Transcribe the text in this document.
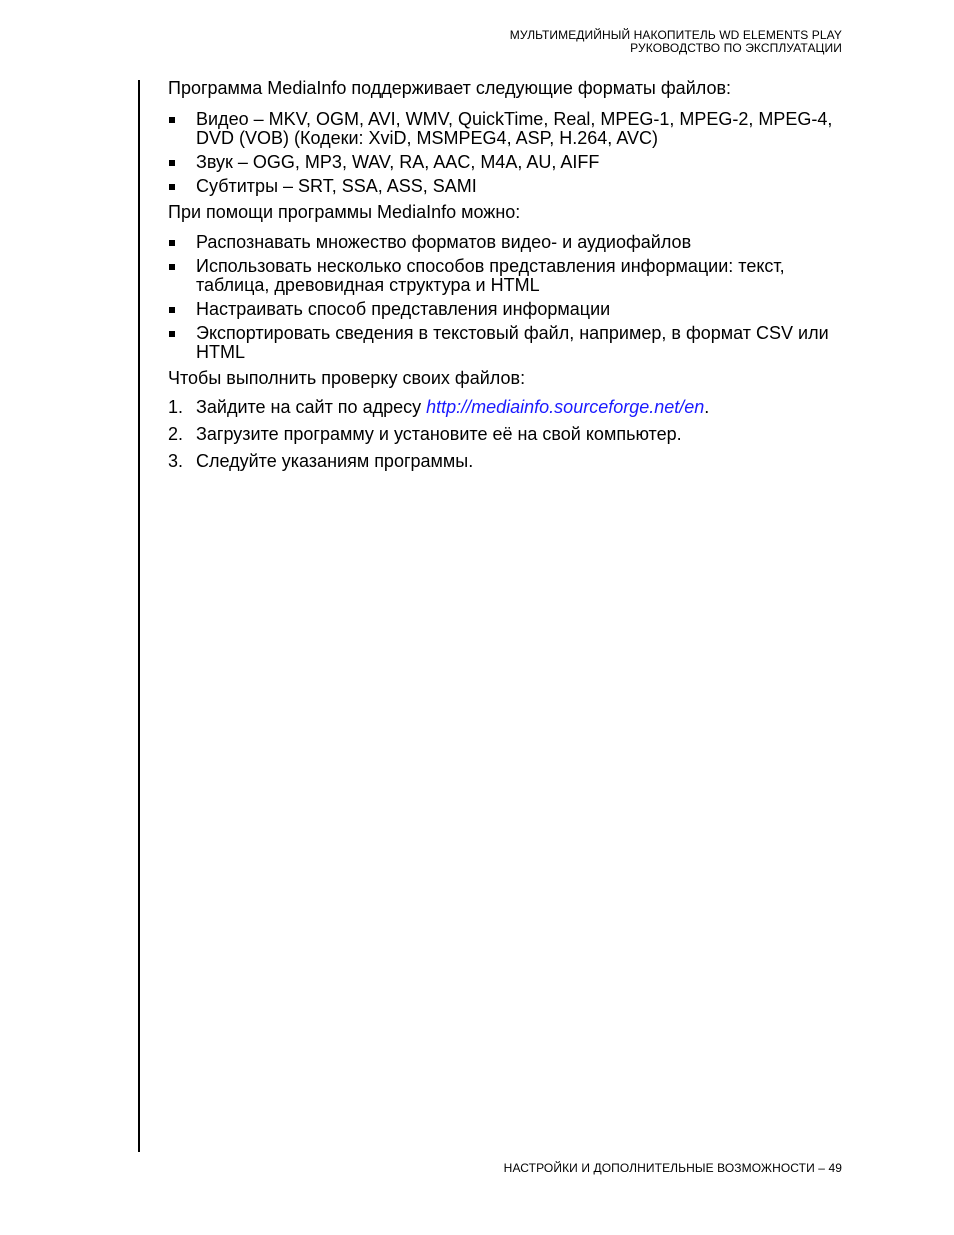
МУЛЬТИМЕДИЙНЫЙ НАКОПИТЕЛЬ WD ELEMENTS PLAY
РУКОВОДСТВО ПО ЭКСПЛУАТАЦИИ

Программа MediaInfo поддерживает следующие форматы файлов:

Видео – MKV, OGM, AVI, WMV, QuickTime, Real, MPEG-1, MPEG-2, MPEG-4, DVD (VOB) (Кодеки: XviD, MSMPEG4, ASP, H.264, AVC)
Звук – OGG, MP3, WAV, RA, AAC, M4A, AU, AIFF
Субтитры – SRT, SSA, ASS, SAMI

При помощи программы MediaInfo можно:

Распознавать множество форматов видео- и аудиофайлов
Использовать несколько способов представления информации: текст, таблица, древовидная структура и HTML
Настраивать способ представления информации
Экспортировать сведения в текстовый файл, например, в формат CSV или HTML

Чтобы выполнить проверку своих файлов:

1. Зайдите на сайт по адресу http://mediainfo.sourceforge.net/en.
2. Загрузите программу и установите её на свой компьютер.
3. Следуйте указаниям программы.
НАСТРОЙКИ И ДОПОЛНИТЕЛЬНЫЕ ВОЗМОЖНОСТИ – 49
